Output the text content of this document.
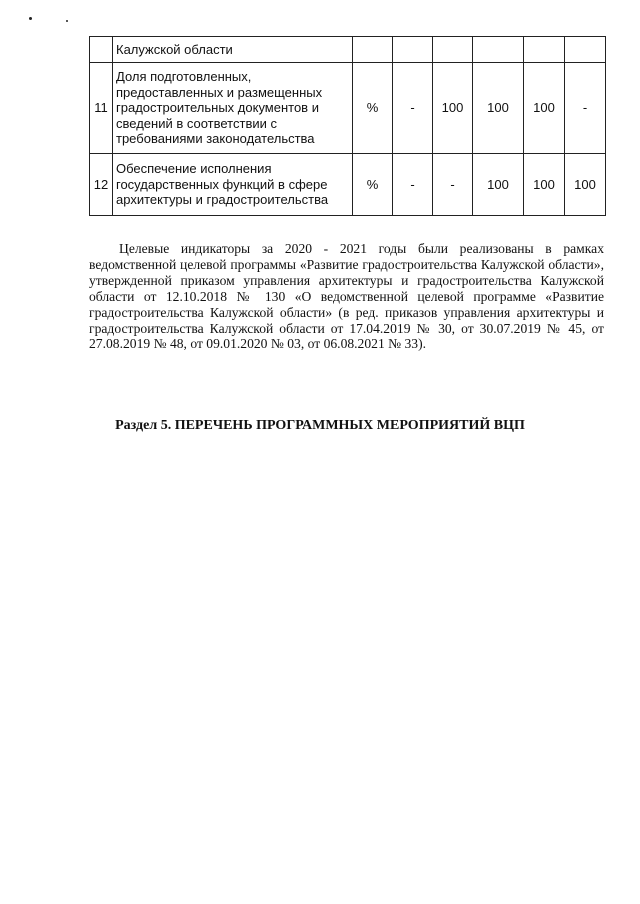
	Калужской области						
11	Доля подготовленных, предоставленных и размещенных градостроительных документов и сведений в соответствии с требованиями законодательства	%	-	100	100	100	-
12	Обеспечение исполнения государственных функций в сфере архитектуры и градостроительства	%	-	-	100	100	100

Целевые индикаторы за 2020 - 2021 годы были реализованы в рамках ведомственной целевой программы «Развитие градостроительства Калужской области», утвержденной приказом управления архитектуры и градостроительства Калужской области от 12.10.2018 № 130 «О ведомственной целевой программе «Развитие градостроительства Калужской области» (в ред. приказов управления архитектуры и градостроительства Калужской области от 17.04.2019 № 30, от 30.07.2019 № 45, от 27.08.2019 № 48, от 09.01.2020 № 03, от 06.08.2021 № 33).

Раздел 5. ПЕРЕЧЕНЬ ПРОГРАММНЫХ МЕРОПРИЯТИЙ ВЦП
